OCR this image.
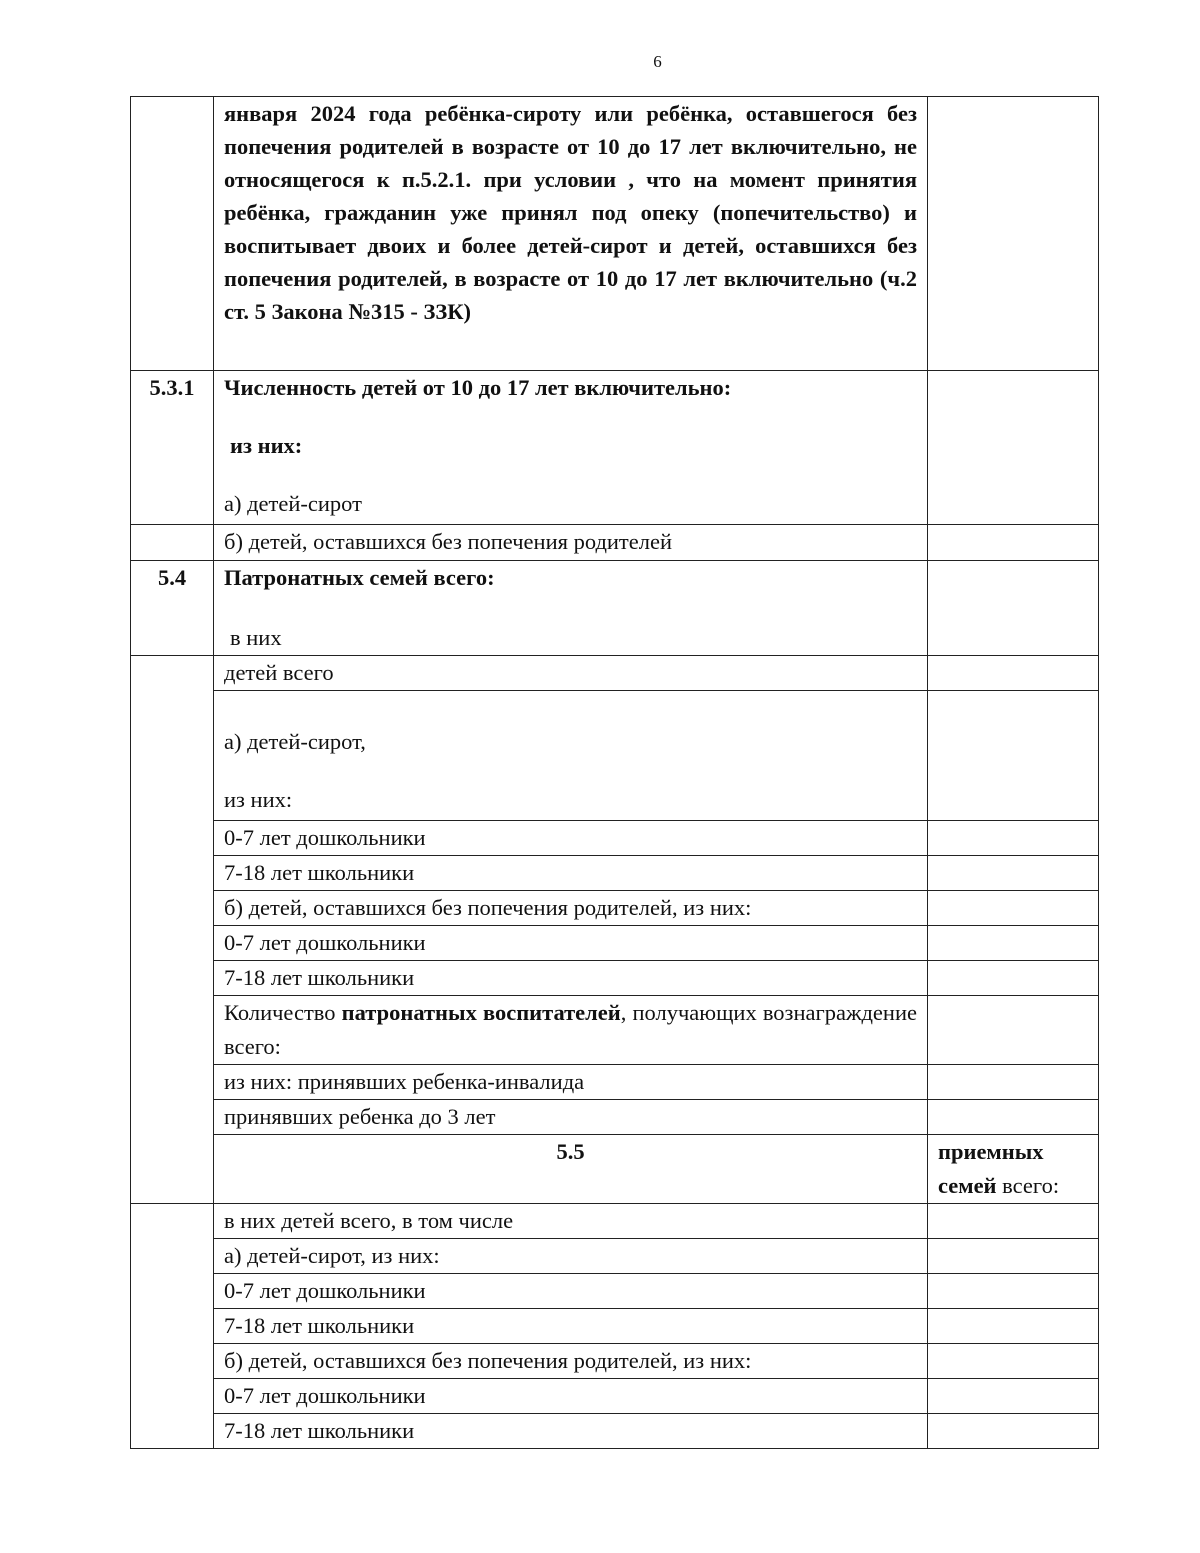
6
	января 2024 года ребёнка-сироту или ребёнка, оставшегося без попечения родителей в возрасте от 10 до 17 лет включительно, не относящегося к п.5.2.1. при условии , что на момент принятия ребёнка, гражданин уже принял под опеку (попечительство) и воспитывает двоих и более детей-сирот и детей, оставшихся без попечения родителей, в возрасте от 10 до 17 лет включительно (ч.2 ст. 5 Закона №315 - ЗЗК)		
5.3.1	Численность детей от 10 до 17 лет включительно:
из них:
а) детей-сирот		

	б) детей, оставшихся без попечения родителей		
5.4	Патронатных семей всего:
в них		

	детей всего		

	а) детей-сирот,
из них:		

	0-7 лет дошкольники		
	7-18 лет школьники		
	б) детей, оставшихся без попечения родителей, из них:		
	0-7 лет дошкольники		
	7-18 лет школьники		
	Количество патронатных воспитателей, получающих вознаграждение всего:		
	из них: принявших ребенка-инвалида		
	принявших ребенка до 3 лет		
	5.5	приемных семей всего:	
	в них детей всего, в том числе		
	а) детей-сирот, из них:		
	0-7 лет дошкольники		
	7-18 лет школьники		
	б) детей, оставшихся без попечения родителей, из них:		
	0-7 лет дошкольники		
	7-18 лет школьники		
